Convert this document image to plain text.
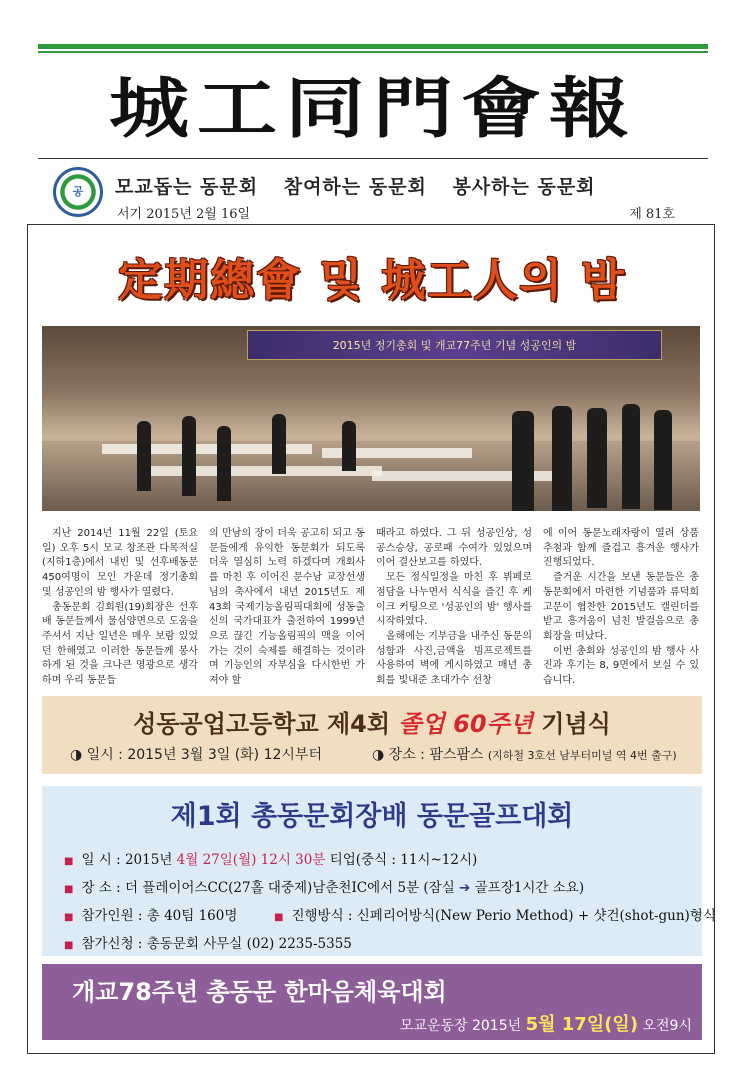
城工同門會報
공 모교돕는 동문회 참여하는 동문회 봉사하는 동문회
서기 2015년 2월 16일	제 81호
定期總會 및 城工人의 밤
2015년 정기총회 및 개교77주년 기념 성공인의 밤

지난 2014년 11월 22일 (토요일) 오후 5시 모교 창조관 다목적실(지하1층)에서 내빈 및 선후배동문 450여명이 모인 가운데 정기총회 및 성공인의 밤 행사가 열렸다.

총동문회 김회원(19)회장은 선후배 동문들께서 물심양면으로 도움을 주셔서 지난 일년은 매우 보람 있었던 한해였고 이러한 동문들께 봉사하게 된 것을 크나큰 영광으로 생각하며 우리 동문들

의 만남의 장이 더욱 공고히 되고 동문들에게 유익한 동문회가 되도록 더욱 열심히 노력 하겠다며 개회사를 마친 후 이어진 문수남 교장선생님의 축사에서 내년 2015년도 제43회 국제기능올림픽대회에 성동출신의 국가대표가 출전하여 1999년으로 끊긴 기능올림픽의 맥을 이어가는 것이 숙제를 해결하는 것이라며 기능인의 자부심을 다시한번 가져야 할

때라고 하였다. 그 뒤 성공인상, 성공스승상, 공로패 수여가 있었으며 이어 결산보고를 하였다.

모든 정식일정을 마친 후 뷔페로 점담을 나누면서 식식을 즐긴 후 케이크 커팅으로 '성공인의 밤' 행사를 시작하였다.

올해에는 기부금을 내주신 동문의 성함과 사진,금액을 빔프로젝트를 사용하여 벽에 게시하였고 매년 총회를 빛내준 초대가수 선창

에 이어 동문노래자랑이 열려 상품추첨과 함께 즐겁고 흥겨운 행사가 진행되었다.

즐거운 시간을 보낸 동문들은 총동문회에서 마련한 기념품과 류덕희고문이 협찬한 2015년도 캘린더를 받고 흥겨움이 넘친 발걸음으로 총회장을 떠났다.

이번 총회와 성공인의 밤 행사 사진과 후기는 8, 9면에서 보실 수 있습니다.

성동공업고등학교 제4회 졸업 60주년 기념식
◑ 일시 : 2015년 3월 3일 (화) 12시부터	◑ 장소 : 팜스팜스 (지하철 3호선 남부터미널 역 4번 출구)
제1회 총동문회장배 동문골프대회
■ 일 시 : 2015년 4월 27일(월) 12시 30분 티업(중식 : 11시~12시)
■ 장 소 : 더 플레이어스CC(27홀 대중제)남춘천IC에서 5분 (잠실 ➔ 골프장1시간 소요)
■ 참가인원 : 총 40팀 160명	■ 진행방식 : 신페리어방식(New Perio Method) + 샷건(shot-gun)형식
■ 참가신청 : 총동문회 사무실 (02) 2235-5355
개교78주년 총동문 한마음체육대회
모교운동장 2015년 5월 17일(일) 오전9시
